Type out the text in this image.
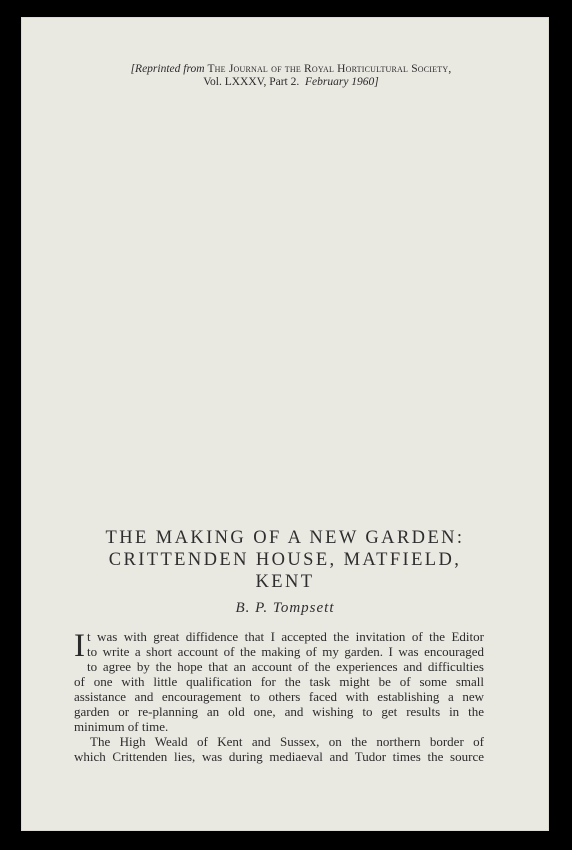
[Reprinted from The Journal of the Royal Horticultural Society,
Vol. LXXXV, Part 2. February 1960]
THE MAKING OF A NEW GARDEN:
CRITTENDEN HOUSE, MATFIELD,
KENT
B. P. Tompsett
I t was with great diffidence that I accepted the invitation of the Editor
to write a short account of the making of my garden. I was encouraged
to agree by the hope that an account of the experiences and difficulties
of one with little qualification for the task might be of some small
assistance and encouragement to others faced with establishing a new
garden or re-planning an old one, and wishing to get results in the
minimum of time.
The High Weald of Kent and Sussex, on the northern border of
which Crittenden lies, was during mediaeval and Tudor times the source
